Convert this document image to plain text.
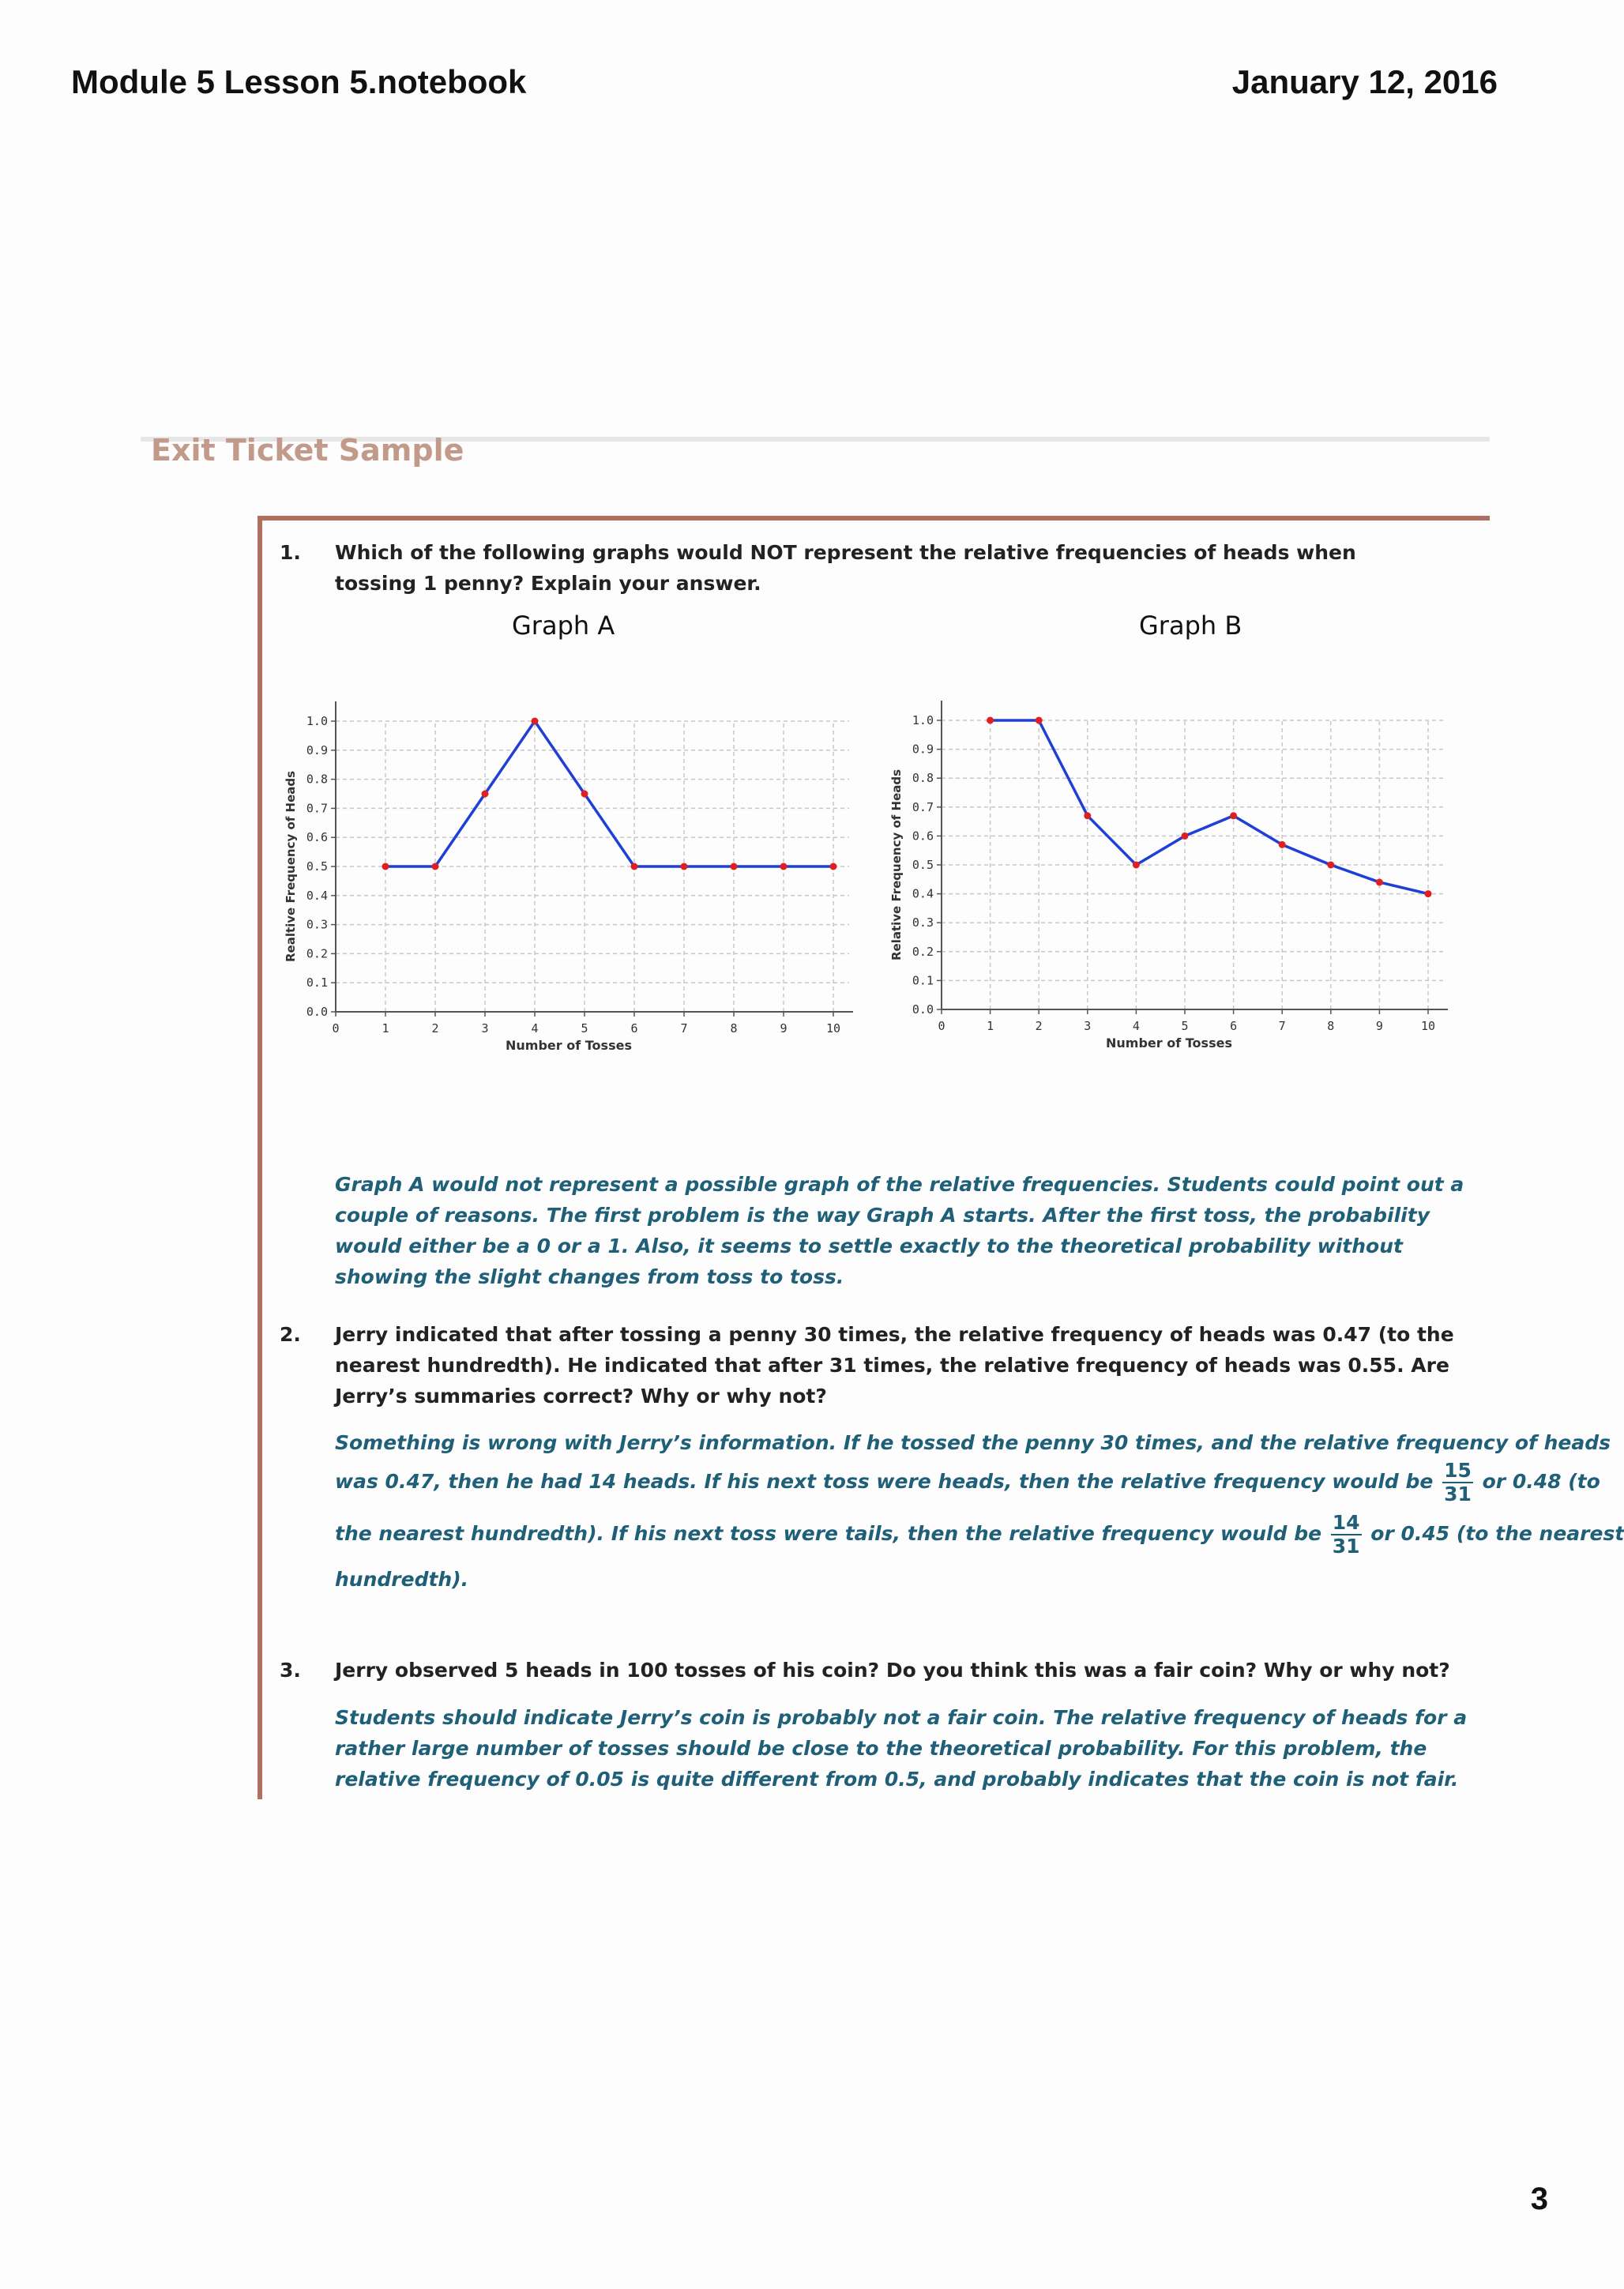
Module 5 Lesson 5.notebook	January 12, 2016
Exit Ticket Sample
1. Which of the following graphs would NOT represent the relative frequencies of heads when tossing 1 penny? Explain your answer.
Graph A	Graph B
0	1	2	3	4	5	6	7	8	9	10
0.0
0.1
0.2
0.3
0.4
0.5
0.6
0.7
0.8
0.9
1.0
Number of Tosses
Realtive Frequency of Heads
0	1	2	3	4	5	6	7	8	9	10
0.0
0.1
0.2
0.3
0.4
0.5
0.6
0.7
0.8
0.9
1.0
Number of Tosses
Relative Frequency of Heads
Graph A would not represent a possible graph of the relative frequencies. Students could point out a couple of reasons. The first problem is the way Graph A starts. After the first toss, the probability would either be a 0 or a 1. Also, it seems to settle exactly to the theoretical probability without showing the slight changes from toss to toss.
2. Jerry indicated that after tossing a penny 30 times, the relative frequency of heads was 0.47 (to the nearest hundredth). He indicated that after 31 times, the relative frequency of heads was 0.55. Are Jerry’s summaries correct? Why or why not?
Something is wrong with Jerry’s information. If he tossed the penny 30 times, and the relative frequency of heads
was 0.47, then he had 14 heads. If his next toss were heads, then the relative frequency would be $\frac{15}{31}$ or 0.48 (to
the nearest hundredth). If his next toss were tails, then the relative frequency would be $\frac{14}{31}$ or 0.45 (to the nearest
hundredth).
3. Jerry observed 5 heads in 100 tosses of his coin? Do you think this was a fair coin? Why or why not?
Students should indicate Jerry’s coin is probably not a fair coin. The relative frequency of heads for a rather large number of tosses should be close to the theoretical probability. For this problem, the relative frequency of 0.05 is quite different from 0.5, and probably indicates that the coin is not fair.
3
